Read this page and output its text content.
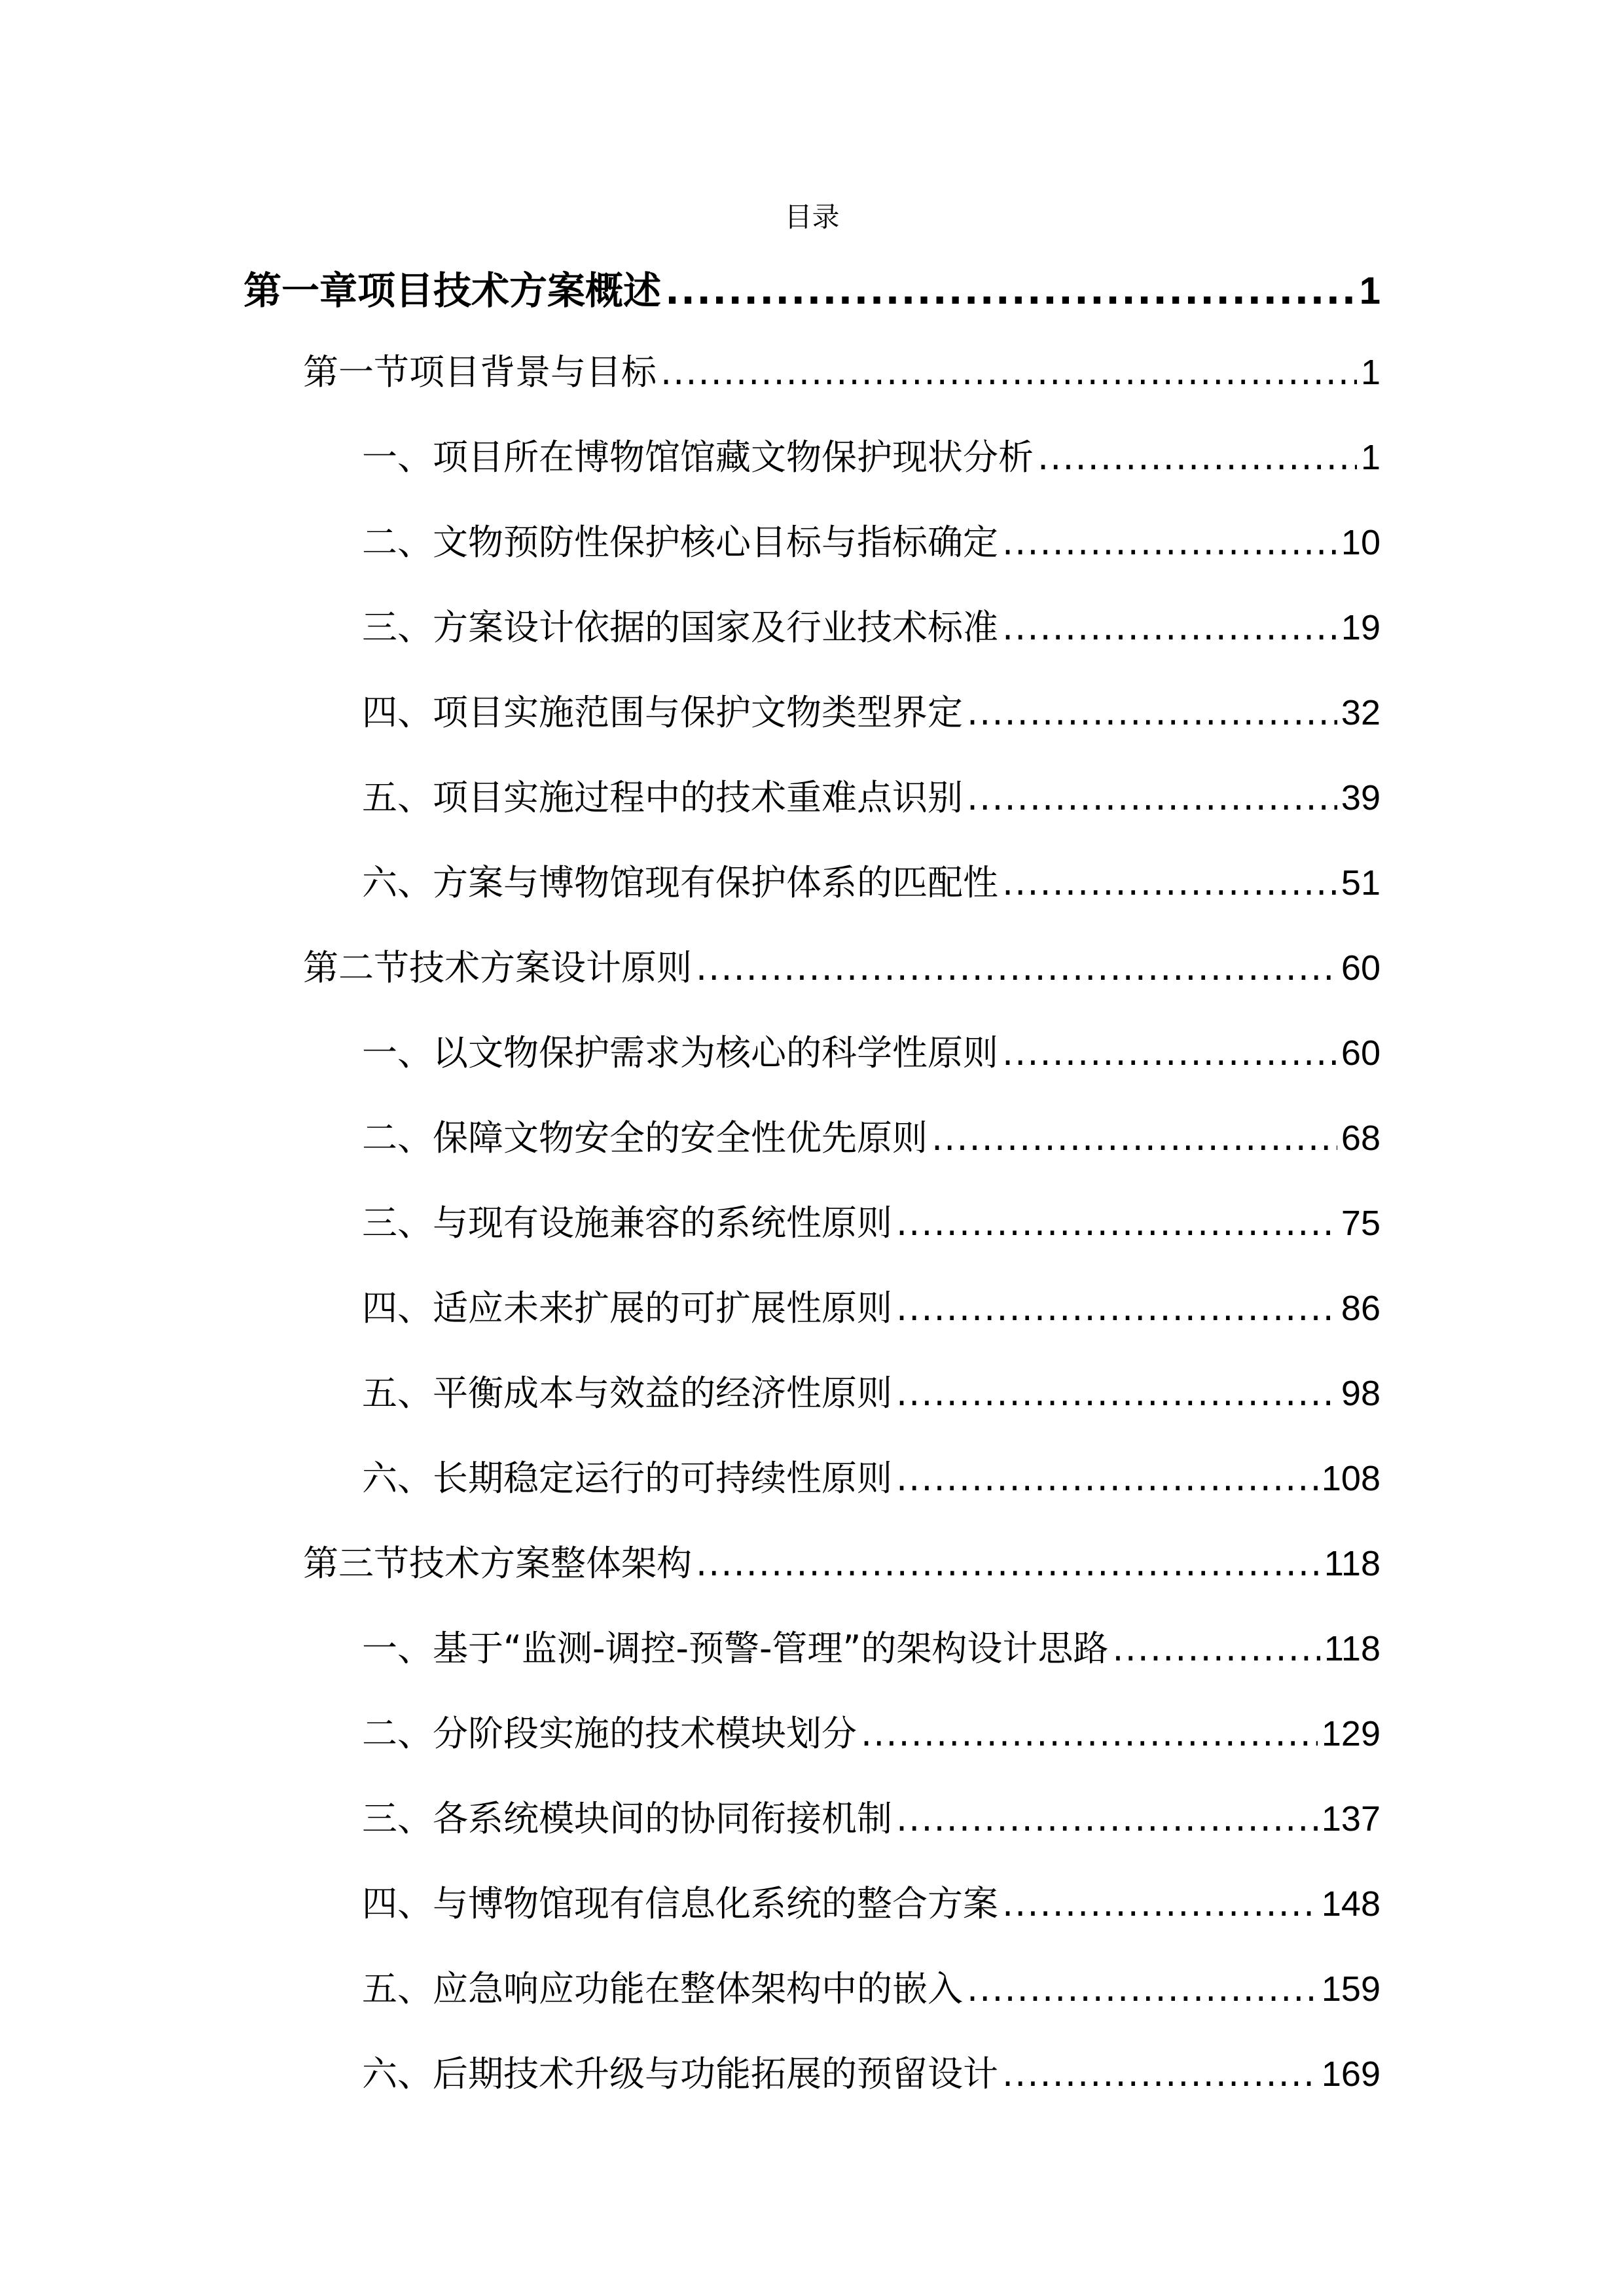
目录
第一章项目技术方案概述 .....	1
第一节项目背景与目标 .....	1
一、项目所在博物馆馆藏文物保护现状分析 .....	1
二、文物预防性保护核心目标与指标确定 .....	10
三、方案设计依据的国家及行业技术标准 .....	19
四、项目实施范围与保护文物类型界定 .....	32
五、项目实施过程中的技术重难点识别 .....	39
六、方案与博物馆现有保护体系的匹配性 .....	51
第二节技术方案设计原则 .....	60
一、以文物保护需求为核心的科学性原则 .....	60
二、保障文物安全的安全性优先原则 .....	68
三、与现有设施兼容的系统性原则 .....	75
四、适应未来扩展的可扩展性原则 .....	86
五、平衡成本与效益的经济性原则 .....	98
六、长期稳定运行的可持续性原则 .....	108
第三节技术方案整体架构 .....	118
一、基于“监测-调控-预警-管理”的架构设计思路 .....	118
二、分阶段实施的技术模块划分 .....	129
三、各系统模块间的协同衔接机制 .....	137
四、与博物馆现有信息化系统的整合方案 .....	148
五、应急响应功能在整体架构中的嵌入 .....	159
六、后期技术升级与功能拓展的预留设计 .....	169
